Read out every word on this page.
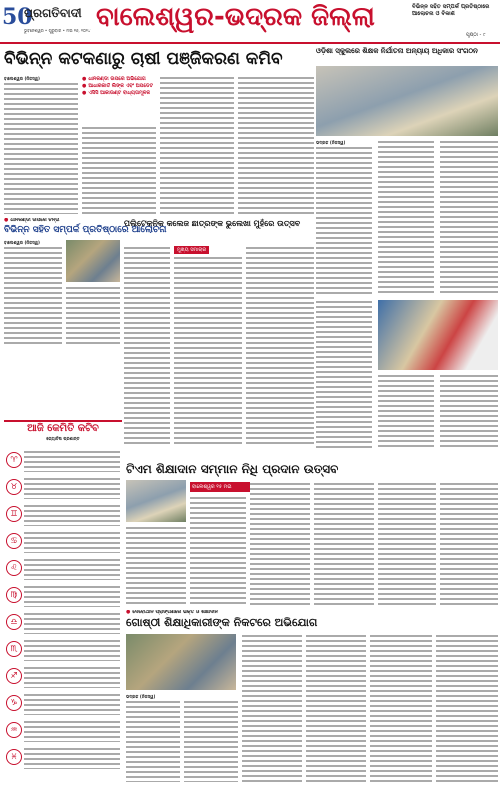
50
ପ୍ରଗତିବାଦୀ
ଭୁବନେଶ୍ୱର • ଗୁରୁବାର • ମଇ ୧୬, ୨୦୨୪ ବାଲେଶ୍ୱର-ଭଦ୍ରକ ଜିଲ୍ଲା	ବିଭିନ୍ନ ସହିତ ସମ୍ପର୍କ ପ୍ରତିଷ୍ଠାରେ ଆଲୋଚନା ଓ ବିକାଶ
ପୃଷ୍ଠା - ୯
ବିଭିନ୍ନ କଟକଣାରୁ ଚାଷୀ ପଞ୍ଜିକରଣ କମିବ
ବାଲେଶ୍ୱର (ନିଜସ୍ୱ)
●	ଧାନକଣ୍ଡା ଉପରେ ଅଭିଯୋଗ
● ଆଧାରକାର୍ଡ ଲିଙ୍କ ଏବଂ ଅପଡେଟ
● ଏସିସି ଆକାଉଣ୍ଟ ବାଧ୍ୟତାମୂଳକ
ଓଡ଼ିଶା ସ୍କୁଲରେ ଶିକ୍ଷକ ନିର୍ଯାତନା ଅନ୍ୟାୟ ଅଧିକାର ସଂଗଠନ
ଭଦ୍ରକ (ନିଜସ୍ୱ)
● ଧାନକଣ୍ଡା ଉପରେ ଚିନ୍ତା
ବିଭିନ୍ନ ସହିତ ସମ୍ପର୍କ ପ୍ରତିଷ୍ଠାରେ ଆଲୋଚନା
ବାଲେଶ୍ୱର (ନିଜସ୍ୱ)
ପଲିଟେକନିକ କଲେଜ ଛାତ୍ରଙ୍କ ଭୁଲେଖା ମୁହଁରେ ଉତ୍ସବ
ମୁଖ୍ୟ ସମାଚାର
ଆଜି କେମିତି କଟିବ
ଜ୍ୟୋତିଷ ପ୍ରଶାନ୍ତ
♈
♉
♊
♋
♌
♍
♎
♏
♐
♑
♒
♓
ଟିଏମ ଶିକ୍ଷାଦାନ ସମ୍ମାନ ନିଧି ପ୍ରଦାନ ଉତ୍ସବ
ବାଲେଶ୍ୱର ୧୫ ମଇ
● ଦେବୋଥାନ ପ୍ରାଙ୍ଗଣରେ ଭକ୍ତି ଓ ଶିକ୍ଷାଦାନ
ଗୋଷ୍ଠୀ ଶିକ୍ଷାଧିକାରୀଙ୍କ ନିକଟରେ ଅଭିଯୋଗ
ଭଦ୍ରକ (ନିଜସ୍ୱ)
